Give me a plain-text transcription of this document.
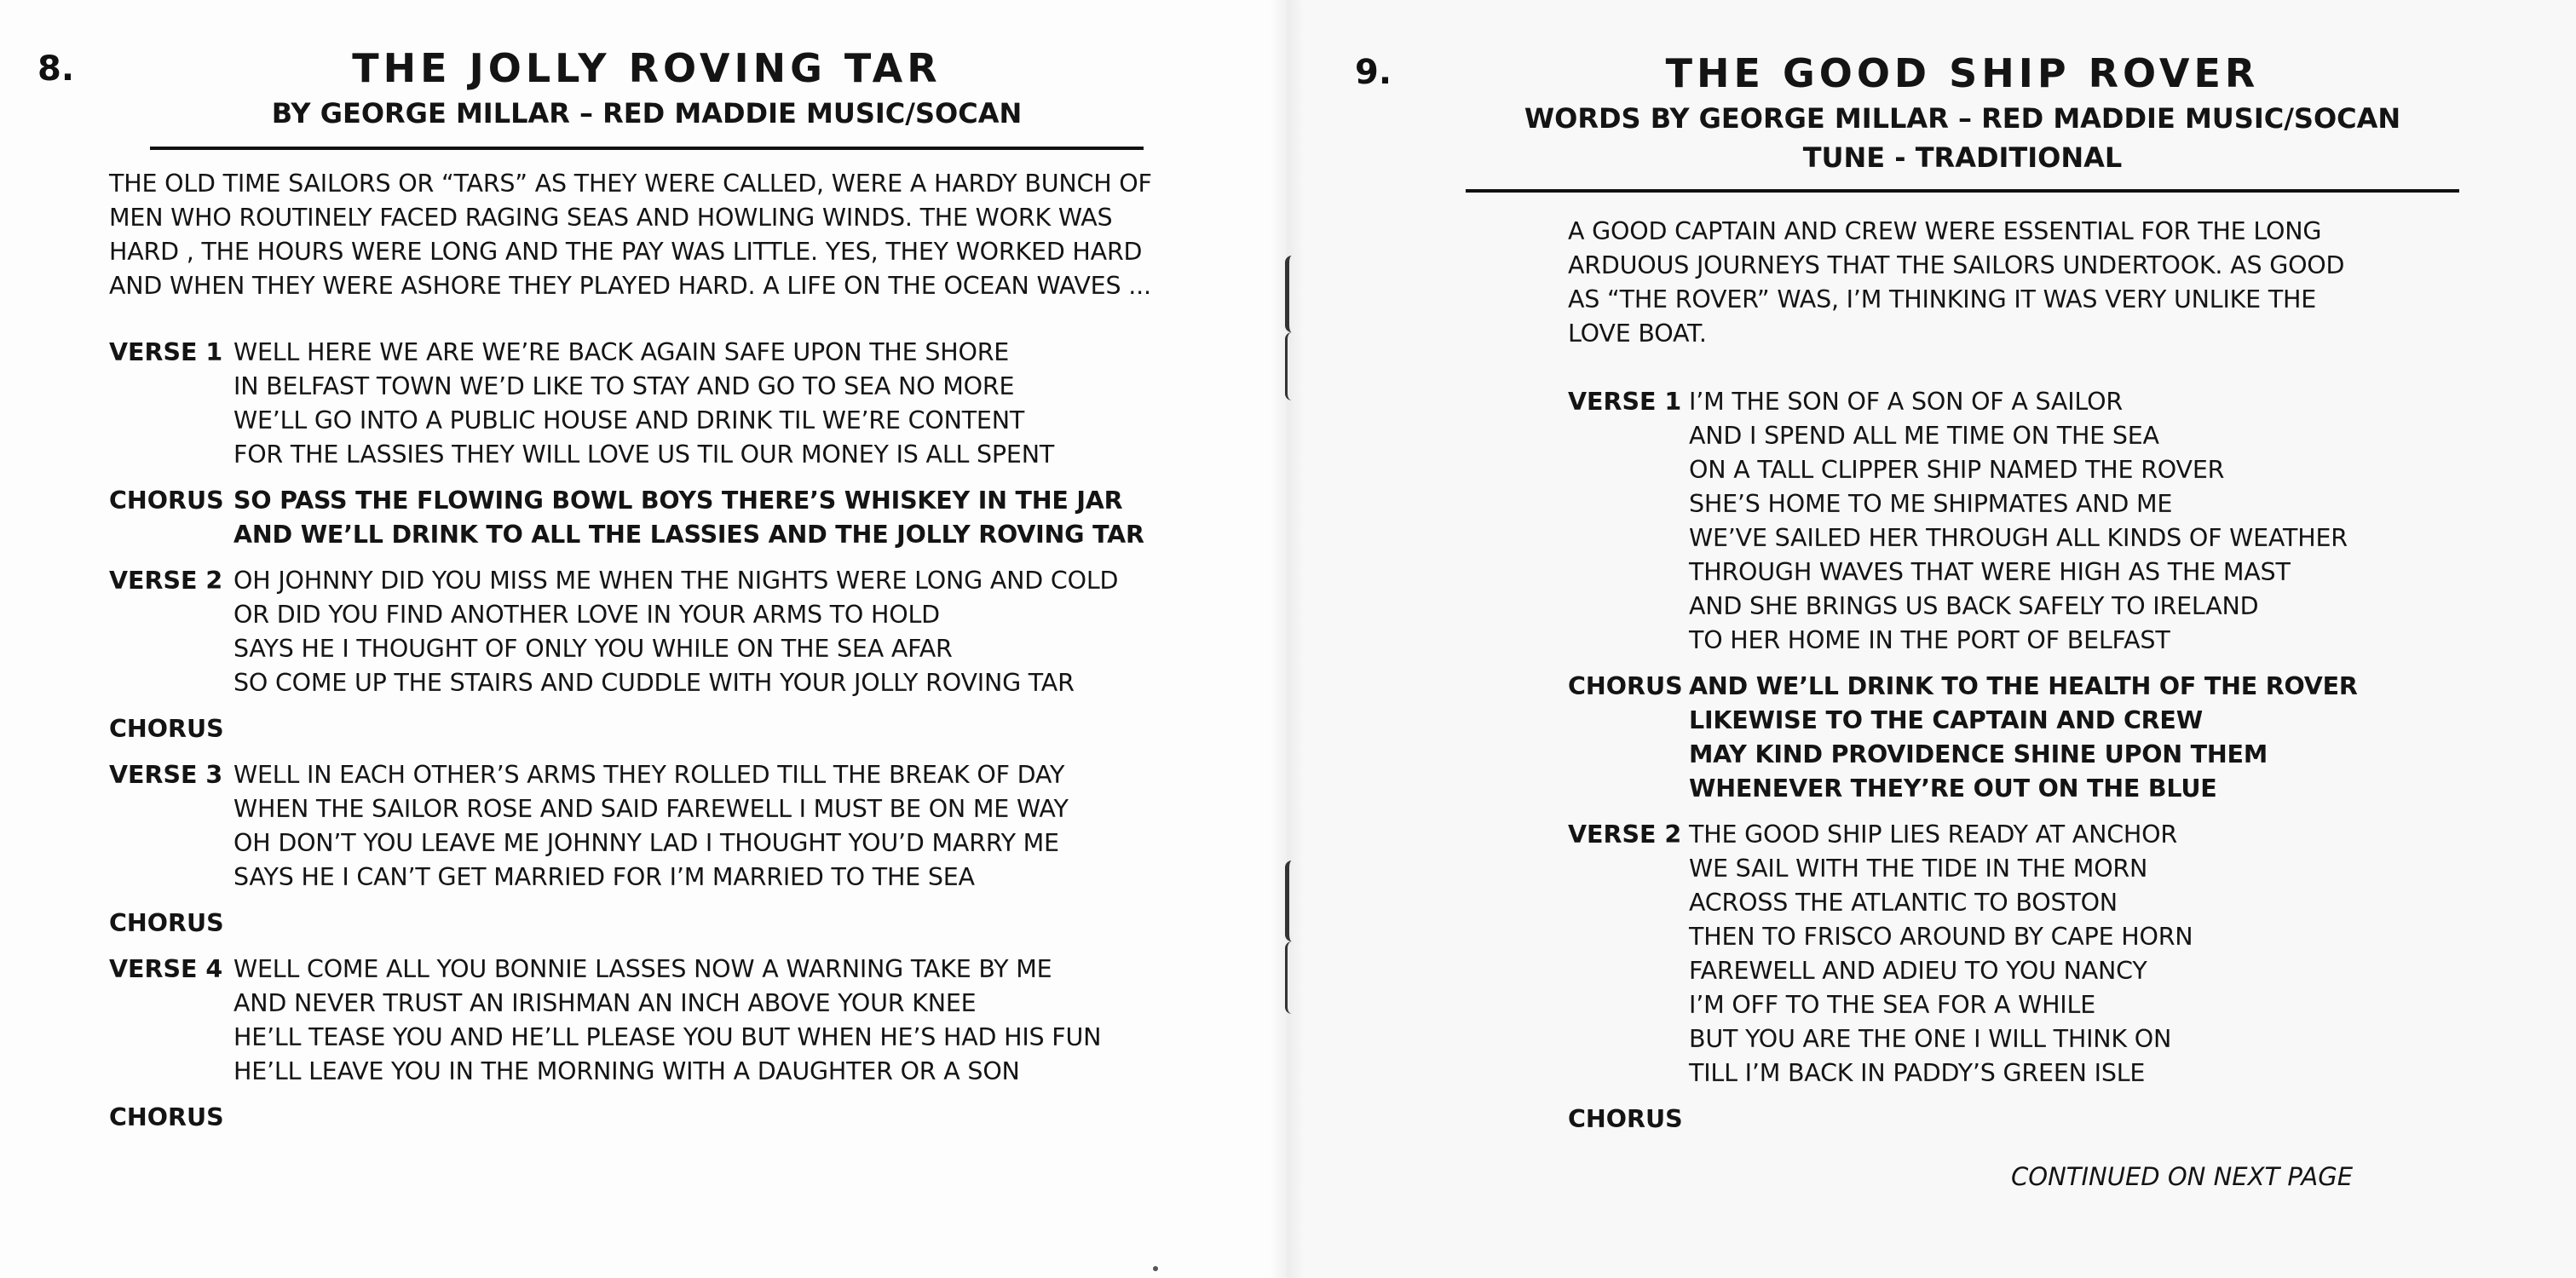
8.	THE JOLLY ROVING TAR
BY GEORGE MILLAR – RED MADDIE MUSIC/SOCAN
THE OLD TIME SAILORS OR “TARS” AS THEY WERE CALLED, WERE A HARDY BUNCH OF
MEN WHO ROUTINELY FACED RAGING SEAS AND HOWLING WINDS. THE WORK WAS
HARD , THE HOURS WERE LONG AND THE PAY WAS LITTLE. YES, THEY WORKED HARD
AND WHEN THEY WERE ASHORE THEY PLAYED HARD. A LIFE ON THE OCEAN WAVES ...
VERSE 1 WELL HERE WE ARE WE’RE BACK AGAIN SAFE UPON THE SHORE
IN BELFAST TOWN WE’D LIKE TO STAY AND GO TO SEA NO MORE
WE’LL GO INTO A PUBLIC HOUSE AND DRINK TIL WE’RE CONTENT
FOR THE LASSIES THEY WILL LOVE US TIL OUR MONEY IS ALL SPENT
CHORUS SO PASS THE FLOWING BOWL BOYS THERE’S WHISKEY IN THE JAR
AND WE’LL DRINK TO ALL THE LASSIES AND THE JOLLY ROVING TAR
VERSE 2 OH JOHNNY DID YOU MISS ME WHEN THE NIGHTS WERE LONG AND COLD
OR DID YOU FIND ANOTHER LOVE IN YOUR ARMS TO HOLD
SAYS HE I THOUGHT OF ONLY YOU WHILE ON THE SEA AFAR
SO COME UP THE STAIRS AND CUDDLE WITH YOUR JOLLY ROVING TAR
CHORUS
VERSE 3 WELL IN EACH OTHER’S ARMS THEY ROLLED TILL THE BREAK OF DAY
WHEN THE SAILOR ROSE AND SAID FAREWELL I MUST BE ON ME WAY
OH DON’T YOU LEAVE ME JOHNNY LAD I THOUGHT YOU’D MARRY ME
SAYS HE I CAN’T GET MARRIED FOR I’M MARRIED TO THE SEA
CHORUS
VERSE 4 WELL COME ALL YOU BONNIE LASSES NOW A WARNING TAKE BY ME
AND NEVER TRUST AN IRISHMAN AN INCH ABOVE YOUR KNEE
HE’LL TEASE YOU AND HE’LL PLEASE YOU BUT WHEN HE’S HAD HIS FUN
HE’LL LEAVE YOU IN THE MORNING WITH A DAUGHTER OR A SON
CHORUS
9.	THE GOOD SHIP ROVER
WORDS BY GEORGE MILLAR – RED MADDIE MUSIC/SOCAN
TUNE - TRADITIONAL
A GOOD CAPTAIN AND CREW WERE ESSENTIAL FOR THE LONG
ARDUOUS JOURNEYS THAT THE SAILORS UNDERTOOK. AS GOOD
AS “THE ROVER” WAS, I’M THINKING IT WAS VERY UNLIKE THE
LOVE BOAT.
VERSE 1 I’M THE SON OF A SON OF A SAILOR
AND I SPEND ALL ME TIME ON THE SEA
ON A TALL CLIPPER SHIP NAMED THE ROVER
SHE’S HOME TO ME SHIPMATES AND ME
WE’VE SAILED HER THROUGH ALL KINDS OF WEATHER
THROUGH WAVES THAT WERE HIGH AS THE MAST
AND SHE BRINGS US BACK SAFELY TO IRELAND
TO HER HOME IN THE PORT OF BELFAST
CHORUS AND WE’LL DRINK TO THE HEALTH OF THE ROVER
LIKEWISE TO THE CAPTAIN AND CREW
MAY KIND PROVIDENCE SHINE UPON THEM
WHENEVER THEY’RE OUT ON THE BLUE
VERSE 2 THE GOOD SHIP LIES READY AT ANCHOR
WE SAIL WITH THE TIDE IN THE MORN
ACROSS THE ATLANTIC TO BOSTON
THEN TO FRISCO AROUND BY CAPE HORN
FAREWELL AND ADIEU TO YOU NANCY
I’M OFF TO THE SEA FOR A WHILE
BUT YOU ARE THE ONE I WILL THINK ON
TILL I’M BACK IN PADDY’S GREEN ISLE
CHORUS
CONTINUED ON NEXT PAGE
